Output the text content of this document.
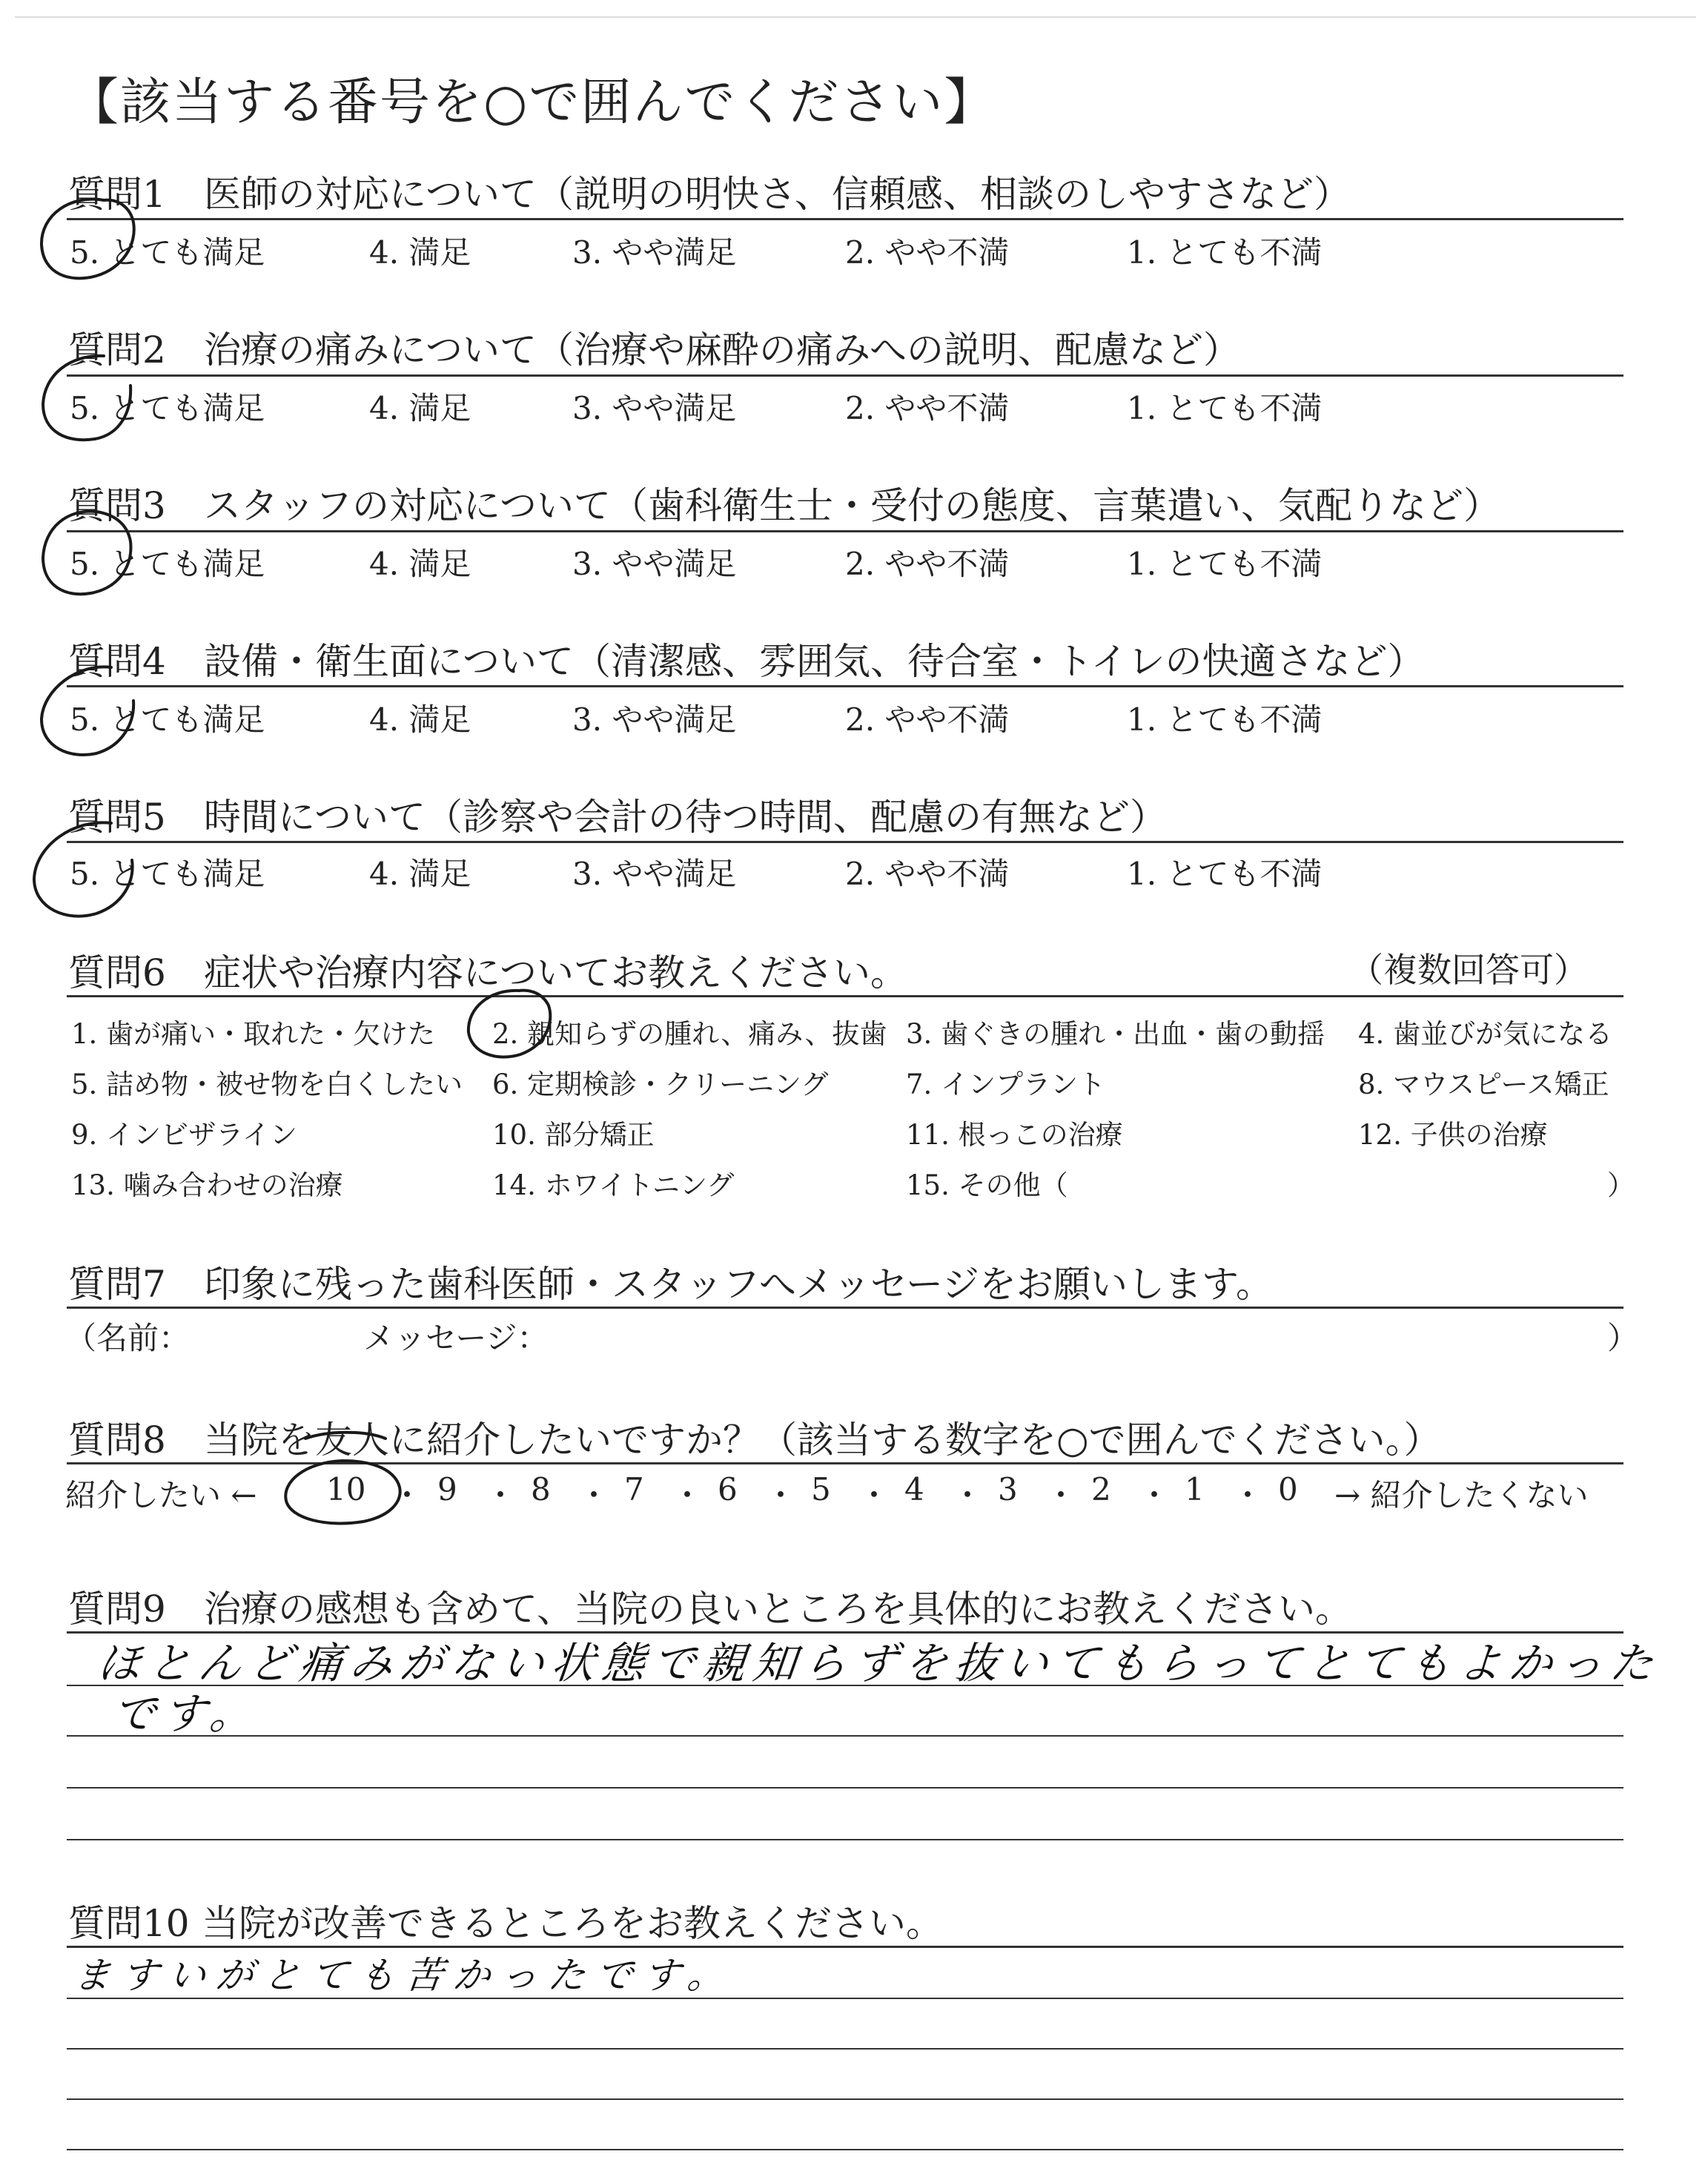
【該当する番号を○で囲んでください】
質問1 医師の対応について（説明の明快さ、信頼感、相談のしやすさなど）
5. とても満足	4. 満足	3. やや満足	2. やや不満	1. とても不満
質問2 治療の痛みについて（治療や麻酔の痛みへの説明、配慮など）
5. とても満足	4. 満足	3. やや満足	2. やや不満	1. とても不満
質問3 スタッフの対応について（歯科衛生士・受付の態度、言葉遣い、気配りなど）
5. とても満足	4. 満足	3. やや満足	2. やや不満	1. とても不満
質問4 設備・衛生面について（清潔感、雰囲気、待合室・トイレの快適さなど）
5. とても満足	4. 満足	3. やや満足	2. やや不満	1. とても不満
質問5 時間について（診察や会計の待つ時間、配慮の有無など）
5. とても満足	4. 満足	3. やや満足	2. やや不満	1. とても不満
質問6 症状や治療内容についてお教えください。	（複数回答可）
1. 歯が痛い・取れた・欠けた 2. 親知らずの腫れ、痛み、抜歯 3. 歯ぐきの腫れ・出血・歯の動揺 4. 歯並びが気になる
5. 詰め物・被せ物を白くしたい 6. 定期検診・クリーニング	7. インプラント	8. マウスピース矯正
9. インビザライン	10. 部分矯正	11. 根っこの治療	12. 子供の治療
13. 噛み合わせの治療	14. ホワイトニング	15. その他（	）
質問7 印象に残った歯科医師・スタッフへメッセージをお願いします。
（名前：	メッセージ：	）
質問8 当院を友人に紹介したいですか？（該当する数字を○で囲んでください。）
紹介したい ← 10 ・ 9 ・ 8 ・ 7 ・ 6 ・ 5 ・ 4 ・ 3 ・ 2 ・ 1 ・ 0 → 紹介したくない
質問9 治療の感想も含めて、当院の良いところを具体的にお教えください。
ほとんど痛みがない状態で親知らずを抜いてもらってとてもよかった
です。
質問10 当院が改善できるところをお教えください。
ますいがとても苦かったです。
